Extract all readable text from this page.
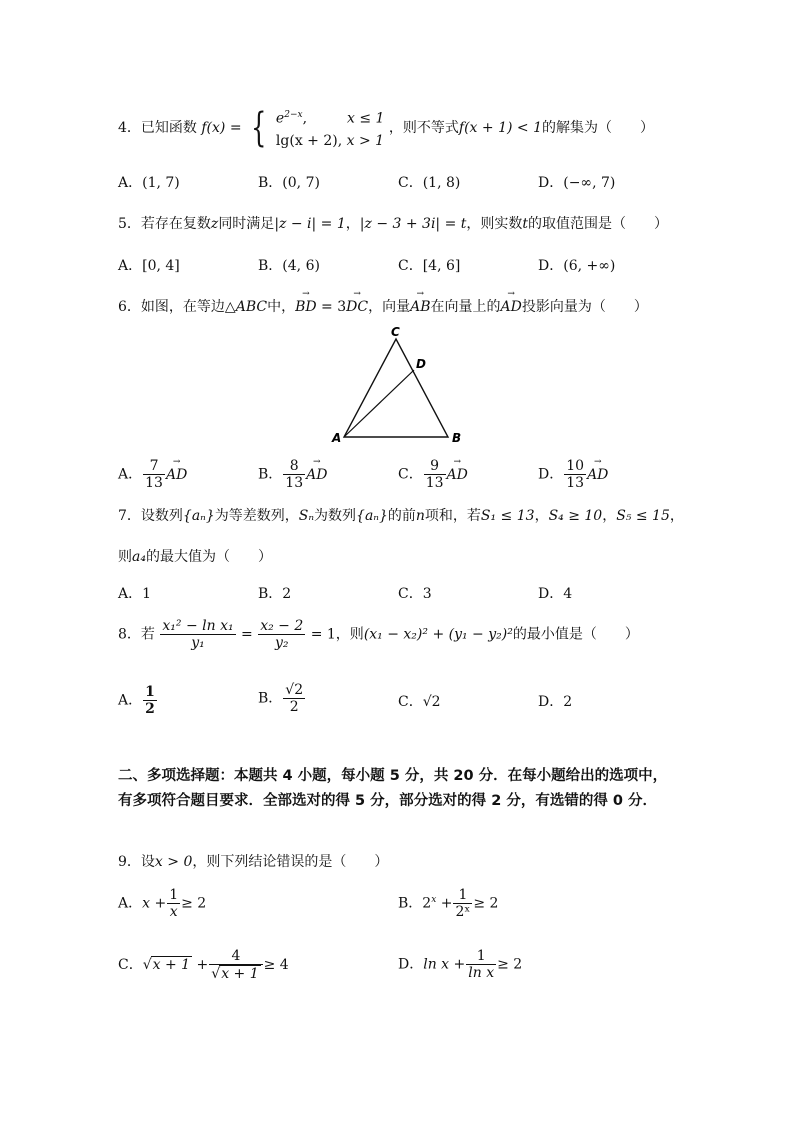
4．已知函数 f(x) = { $e^{2-x}$,	x ≤ 1
lg(x + 2), x > 1
，则不等式f(x + 1) < 1的解集为（　　）
A．(1, 7)	B．(0, 7)	C．(1, 8)	D．(−∞, 7)
5．若存在复数z同时满足|z − i| = 1，|z − 3 + 3i| = t，则实数t的取值范围是（　　）
A．[0, 4]	B．(4, 6)	C．[4, 6]	D．(6, +∞)
6．如图，在等边△ABC中，→ BD = 3→ DC，向量→ AB在向量上的→ AD投影向量为（　　）
A	B
C
D
A． $\frac{7}{13}$ → AD	B． $\frac{8}{13}$ → AD	C． $\frac{9}{13}$ → AD	D． $\frac{10}{13}$ → AD
7．设数列{aₙ}为等差数列，Sₙ为数列{aₙ}的前n项和，若S₁ ≤ 13，S₄ ≥ 10，S₅ ≤ 15，
则a₄的最大值为（　　）
A．1	B．2	C．3	D．4
8．若 $\frac{\text{x₁² − ln x₁}}{\text{y₁}} = \frac{\text{x₂ − 2}}{\text{y₂}} = 1$，则(x₁ − x₂)² + (y₁ − y₂)²的最小值是（　　）
A． $\frac{1}{2}$	B． $\frac{√2}{2}$	C．√2	D．2
二、多项选择题：本题共 4 小题，每小题 5 分，共 20 分．在每小题给出的选项中，有多项符合题目要求．全部选对的得 5 分，部分选对的得 2 分，有选错的得 0 分．
9．设x > 0，则下列结论错误的是（　　）
A．$x + \frac{1}{x} \ge 2$	B．$2^x + \frac{1}{\text{2ˣ}} \ge 2$
C．$√x + 1 + \frac{4}{√x + 1} \ge 4$	D．$\ln x + \frac{1}{\text{ln x}} \ge 2$
